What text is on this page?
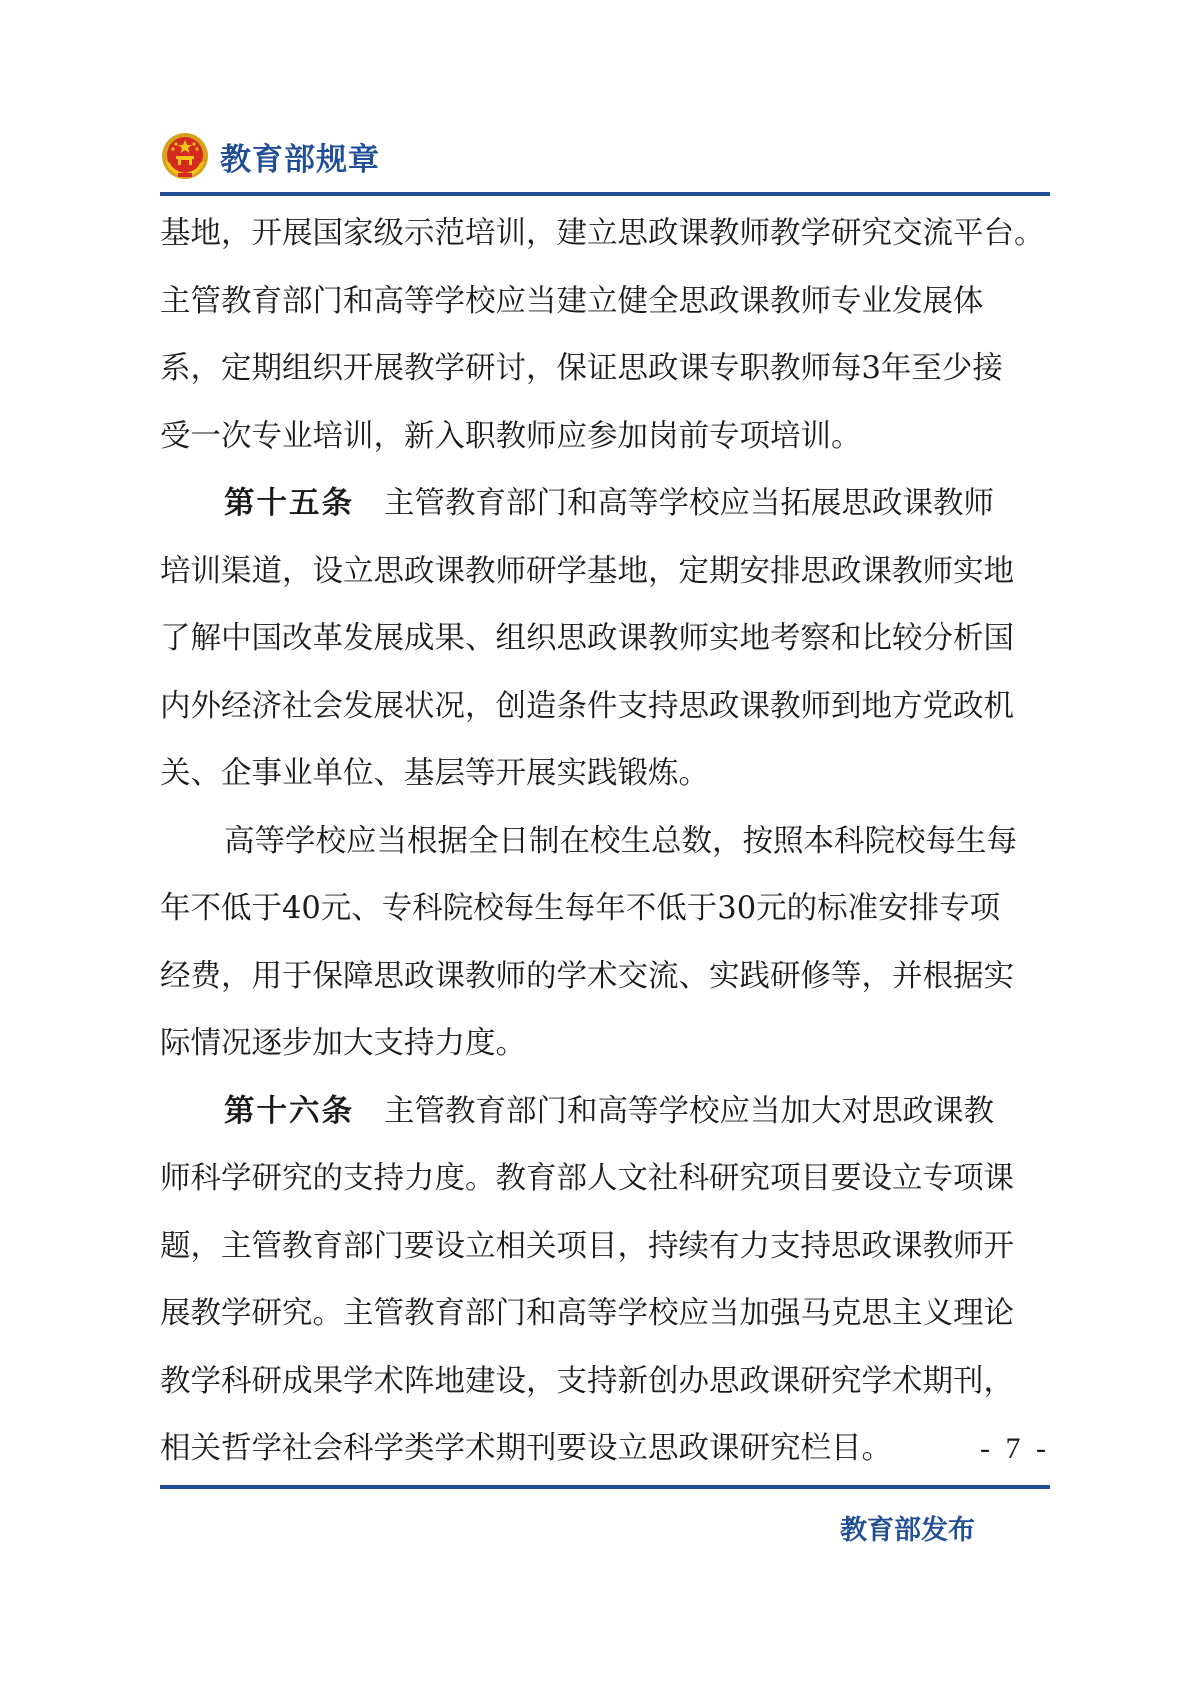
教育部规章
基地，开展国家级示范培训，建立思政课教师教学研究交流平台。
主管教育部门和高等学校应当建立健全思政课教师专业发展体
系，定期组织开展教学研讨，保证思政课专职教师每3年至少接
受一次专业培训，新入职教师应参加岗前专项培训。
第十五条 主管教育部门和高等学校应当拓展思政课教师
培训渠道，设立思政课教师研学基地，定期安排思政课教师实地
了解中国改革发展成果、组织思政课教师实地考察和比较分析国
内外经济社会发展状况，创造条件支持思政课教师到地方党政机
关、企事业单位、基层等开展实践锻炼。
高等学校应当根据全日制在校生总数，按照本科院校每生每
年不低于40元、专科院校每生每年不低于30元的标准安排专项
经费，用于保障思政课教师的学术交流、实践研修等，并根据实
际情况逐步加大支持力度。
第十六条 主管教育部门和高等学校应当加大对思政课教
师科学研究的支持力度。教育部人文社科研究项目要设立专项课
题，主管教育部门要设立相关项目，持续有力支持思政课教师开
展教学研究。主管教育部门和高等学校应当加强马克思主义理论
教学科研成果学术阵地建设，支持新创办思政课研究学术期刊，
相关哲学社会科学类学术期刊要设立思政课研究栏目。	- 7 -
教育部发布
